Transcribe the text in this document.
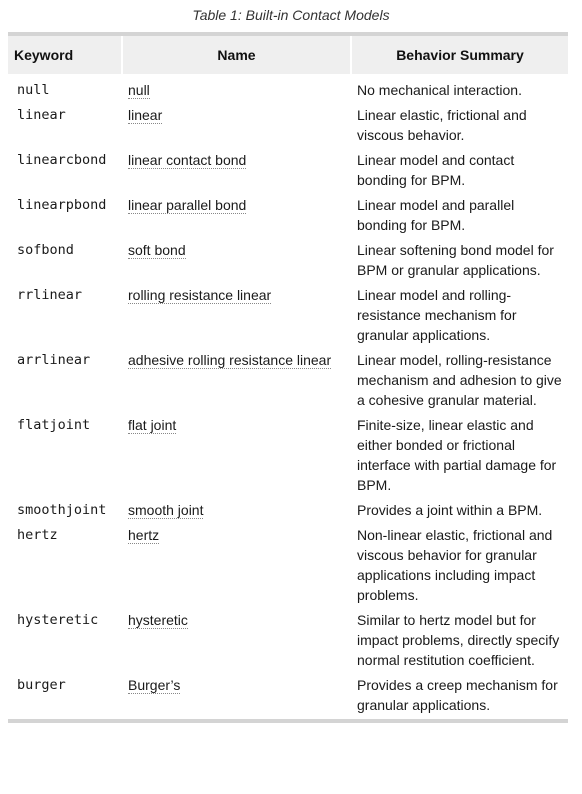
Table 1: Built-in Contact Models
Keyword	Name	Behavior Summary
null	null	No mechanical interaction.
linear	linear	Linear elastic, frictional and viscous behavior.
linearcbond	linear contact bond	Linear model and contact bonding for BPM.
linearpbond	linear parallel bond	Linear model and parallel bonding for BPM.
sofbond	soft bond	Linear softening bond model for BPM or granular applications.
rrlinear	rolling resistance linear	Linear model and rolling-resistance mechanism for granular applications.
arrlinear	adhesive rolling resistance linear	Linear model, rolling-resistance mechanism and adhesion to give a cohesive granular material.
flatjoint	flat joint	Finite-size, linear elastic and either bonded or frictional interface with partial damage for BPM.
smoothjoint	smooth joint	Provides a joint within a BPM.
hertz	hertz	Non-linear elastic, frictional and viscous behavior for granular applications including impact problems.
hysteretic	hysteretic	Similar to hertz model but for impact problems, directly specify normal restitution coefficient.
burger	Burger’s	Provides a creep mechanism for granular applications.
